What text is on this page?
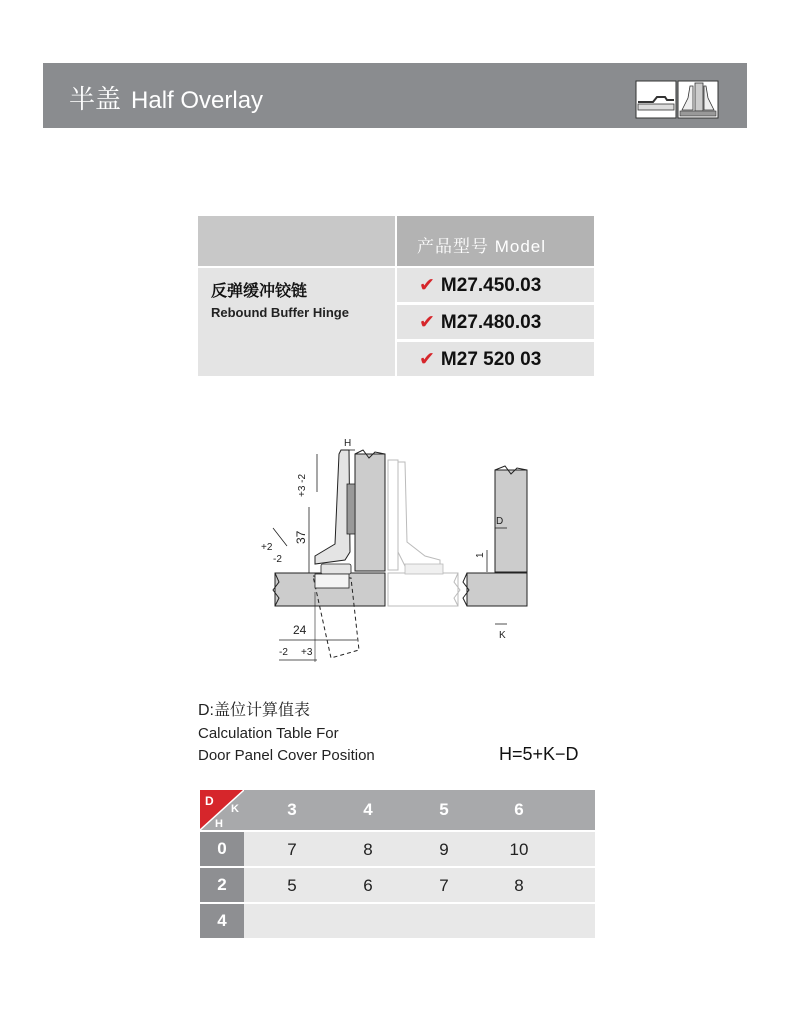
半盖 Half Overlay
产品型号 Model
反弹缓冲铰链
Rebound Buffer Hinge
✔ M27.450.03
✔ M27.480.03
✔ M27 520 03
H
+3 -2
37
+2
-2
24
-2 +3
D
1
K
D:盖位计算值表
Calculation Table For
Door Panel Cover Position	H=5+K−D
D
H
K	3	4	5	6
0	7	8	9	10
2	5	6	7	8
4
